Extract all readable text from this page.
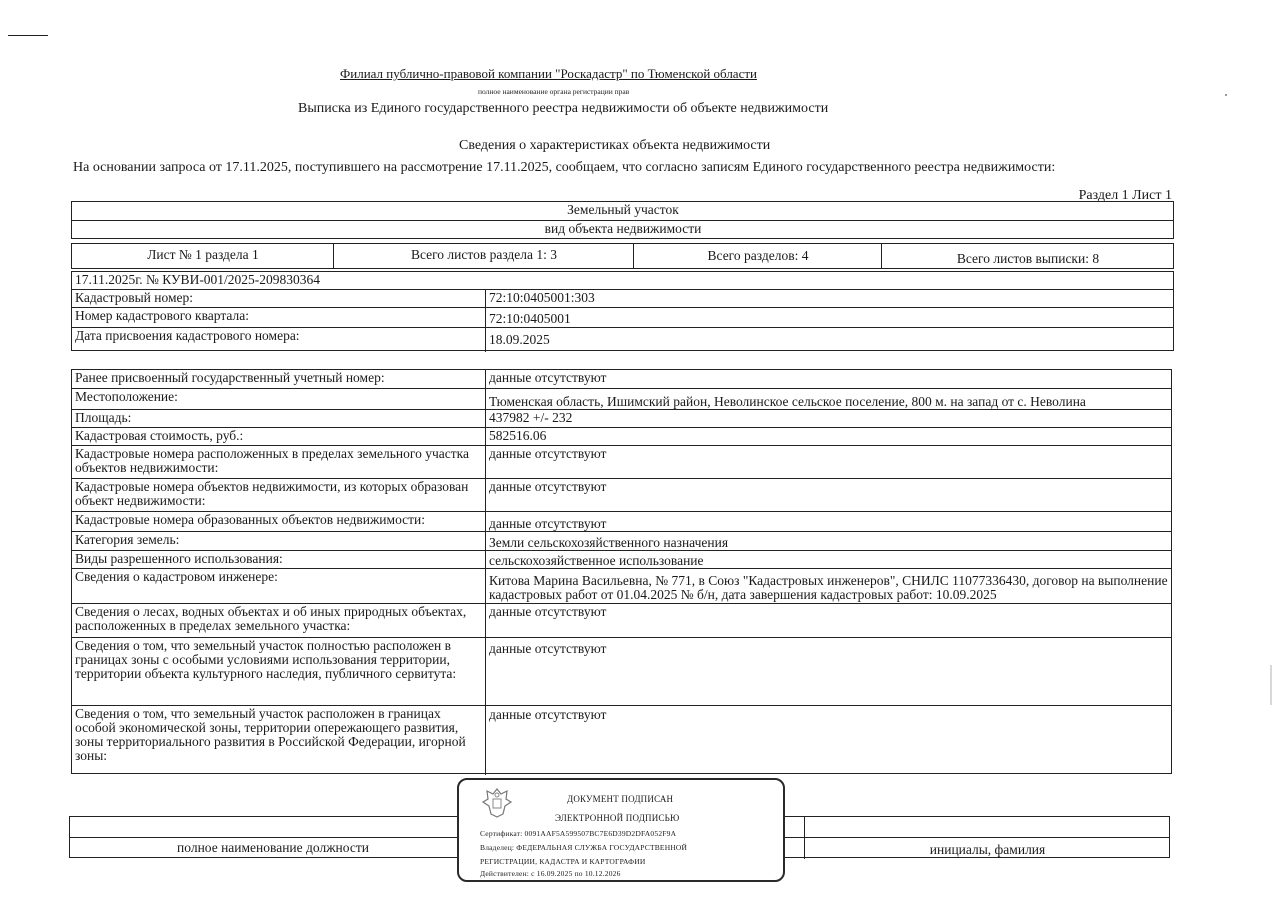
Филиал публично-правовой компании "Роскадастр" по Тюменской области
полное наименование органа регистрации прав
Выписка из Единого государственного реестра недвижимости об объекте недвижимости
Сведения о характеристиках объекта недвижимости
На основании запроса от 17.11.2025, поступившего на рассмотрение 17.11.2025, сообщаем, что согласно записям Единого государственного реестра недвижимости:
Раздел 1 Лист 1
Земельный участок
вид объекта недвижимости
Лист № 1 раздела 1	Всего листов раздела 1: 3	Всего разделов: 4	Всего листов выписки: 8
17.11.2025г. № КУВИ-001/2025-209830364
Кадастровый номер:	72:10:0405001:303
Номер кадастрового квартала:	72:10:0405001
Дата присвоения кадастрового номера:	18.09.2025
Ранее присвоенный государственный учетный номер:	данные отсутствуют
Местоположение:	Тюменская область, Ишимский район, Неволинское сельское поселение, 800 м. на запад от с. Неволина
Площадь:	437982 +/- 232
Кадастровая стоимость, руб.:	582516.06
Кадастровые номера расположенных в пределах земельного участка объектов недвижимости:
данные отсутствуют
Кадастровые номера объектов недвижимости, из которых образован объект недвижимости:
данные отсутствуют
Кадастровые номера образованных объектов недвижимости:	данные отсутствуют
Категория земель:	Земли сельскохозяйственного назначения
Виды разрешенного использования:	сельскохозяйственное использование
Сведения о кадастровом инженере:	Китова Марина Васильевна, № 771, в Союз "Кадастровых инженеров", СНИЛС 11077336430, договор на выполнение кадастровых работ от 01.04.2025 № б/н, дата завершения кадастровых работ: 10.09.2025
Сведения о лесах, водных объектах и об иных природных объектах, расположенных в пределах земельного участка:
данные отсутствуют
Сведения о том, что земельный участок полностью расположен в границах зоны с особыми условиями использования территории, территории объекта культурного наследия, публичного сервитута:
данные отсутствуют
Сведения о том, что земельный участок расположен в границах особой экономической зоны, территории опережающего развития, зоны территориального развития в Российской Федерации, игорной зоны:
данные отсутствуют
полное наименование должности	инициалы, фамилия
ДОКУМЕНТ ПОДПИСАН
ЭЛЕКТРОННОЙ ПОДПИСЬЮ
Сертификат: 0091AAF5A599507BC7E6D39D2DFA052F9A
Владелец: ФЕДЕРАЛЬНАЯ СЛУЖБА ГОСУДАРСТВЕННОЙ
РЕГИСТРАЦИИ, КАДАСТРА И КАРТОГРАФИИ
Действителен: с 16.09.2025 по 10.12.2026
